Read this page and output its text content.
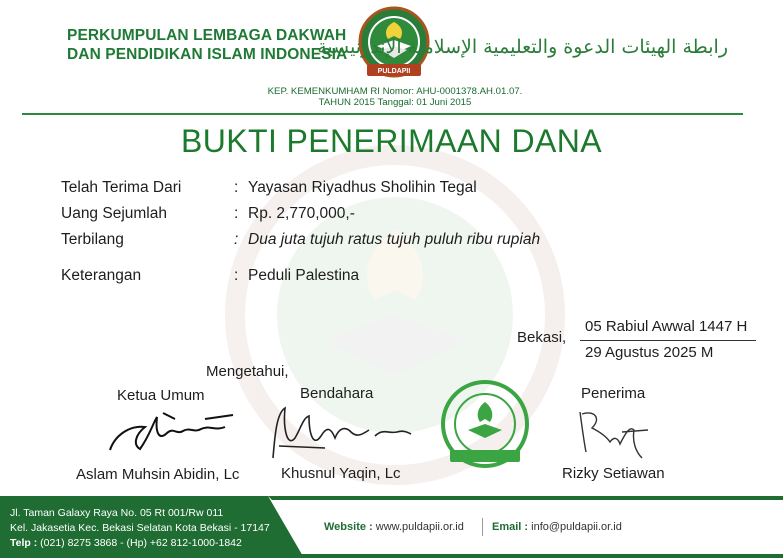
PERKUMPULAN LEMBAGA DAKWAH
DAN PENDIDIKAN ISLAM INDONESIA
PULDAPII
رابطة الهيئات الدعوة والتعليمية الإسلامية الإندونيسية
KEP. KEMENKUMHAM RI Nomor: AHU-0001378.AH.01.07.
TAHUN 2015 Tanggal: 01 Juni 2015
BUKTI PENERIMAAN DANA
Telah Terima Dari	: Yayasan Riyadhus Sholihin Tegal
Uang Sejumlah	: Rp. 2,770,000,-
Terbilang	: Dua juta tujuh ratus tujuh puluh ribu rupiah
Keterangan	: Peduli Palestina
Bekasi,
05 Rabiul Awwal 1447 H
29 Agustus 2025 M
Mengetahui,
Ketua Umum	Bendahara	Penerima
Aslam Muhsin Abidin, Lc	Khusnul Yaqin, Lc	Rizky Setiawan
Jl. Taman Galaxy Raya No. 05 Rt 001/Rw 011
Kel. Jakasetia Kec. Bekasi Selatan Kota Bekasi - 17147
Telp : (021) 8275 3868 - (Hp) +62 812-1000-1842
Website : www.puldapii.or.id	Email : info@puldapii.or.id
